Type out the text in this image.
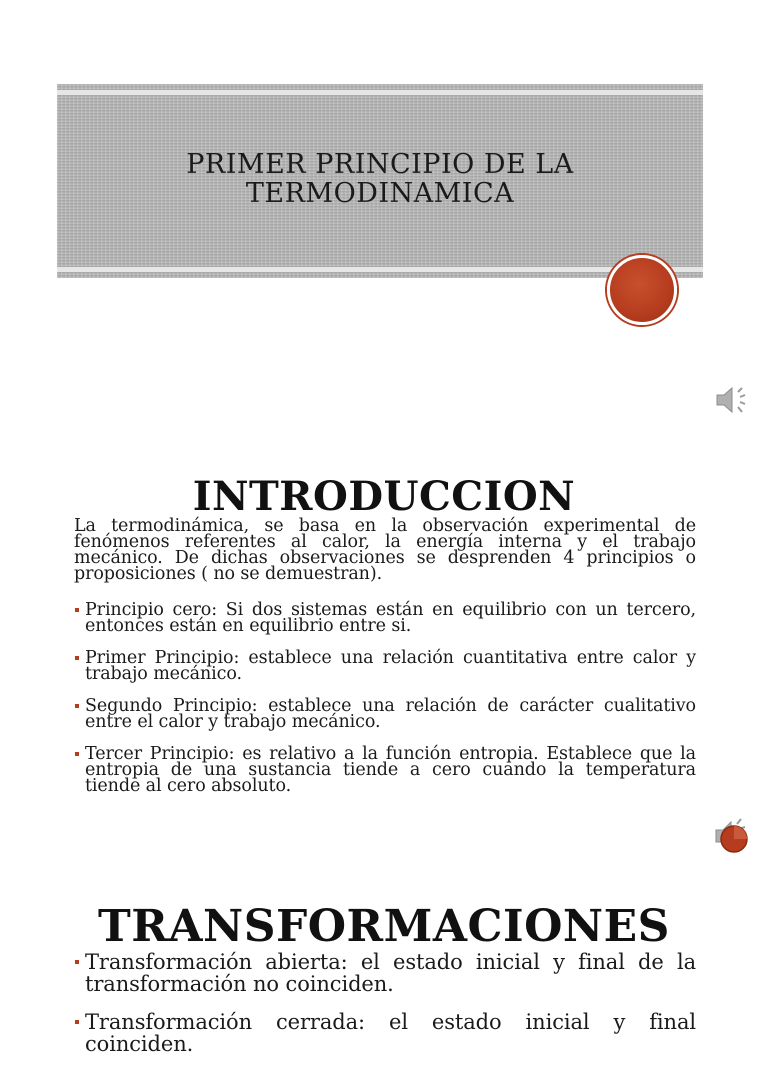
PRIMER PRINCIPIO DE LA
TERMODINAMICA
INTRODUCCION

La termodinámica, se basa en la observación experimental de fenómenos referentes al calor, la energía interna y el trabajo mecánico. De dichas observaciones se desprenden 4 principios o proposiciones ( no se demuestran).

Principio cero: Si dos sistemas están en equilibrio con un tercero, entonces están en equilibrio entre si.
Primer Principio: establece una relación cuantitativa entre calor y trabajo mecánico.
Segundo Principio: establece una relación de carácter cualitativo entre el calor y trabajo mecánico.
Tercer Principio: es relativo a la función entropia. Establece que la entropia de una sustancia tiende a cero cuando la temperatura tiende al cero absoluto.
TRANSFORMACIONES
Transformación abierta: el estado inicial y final de la transformación no coinciden.
Transformación cerrada: el estado inicial y final coinciden.
